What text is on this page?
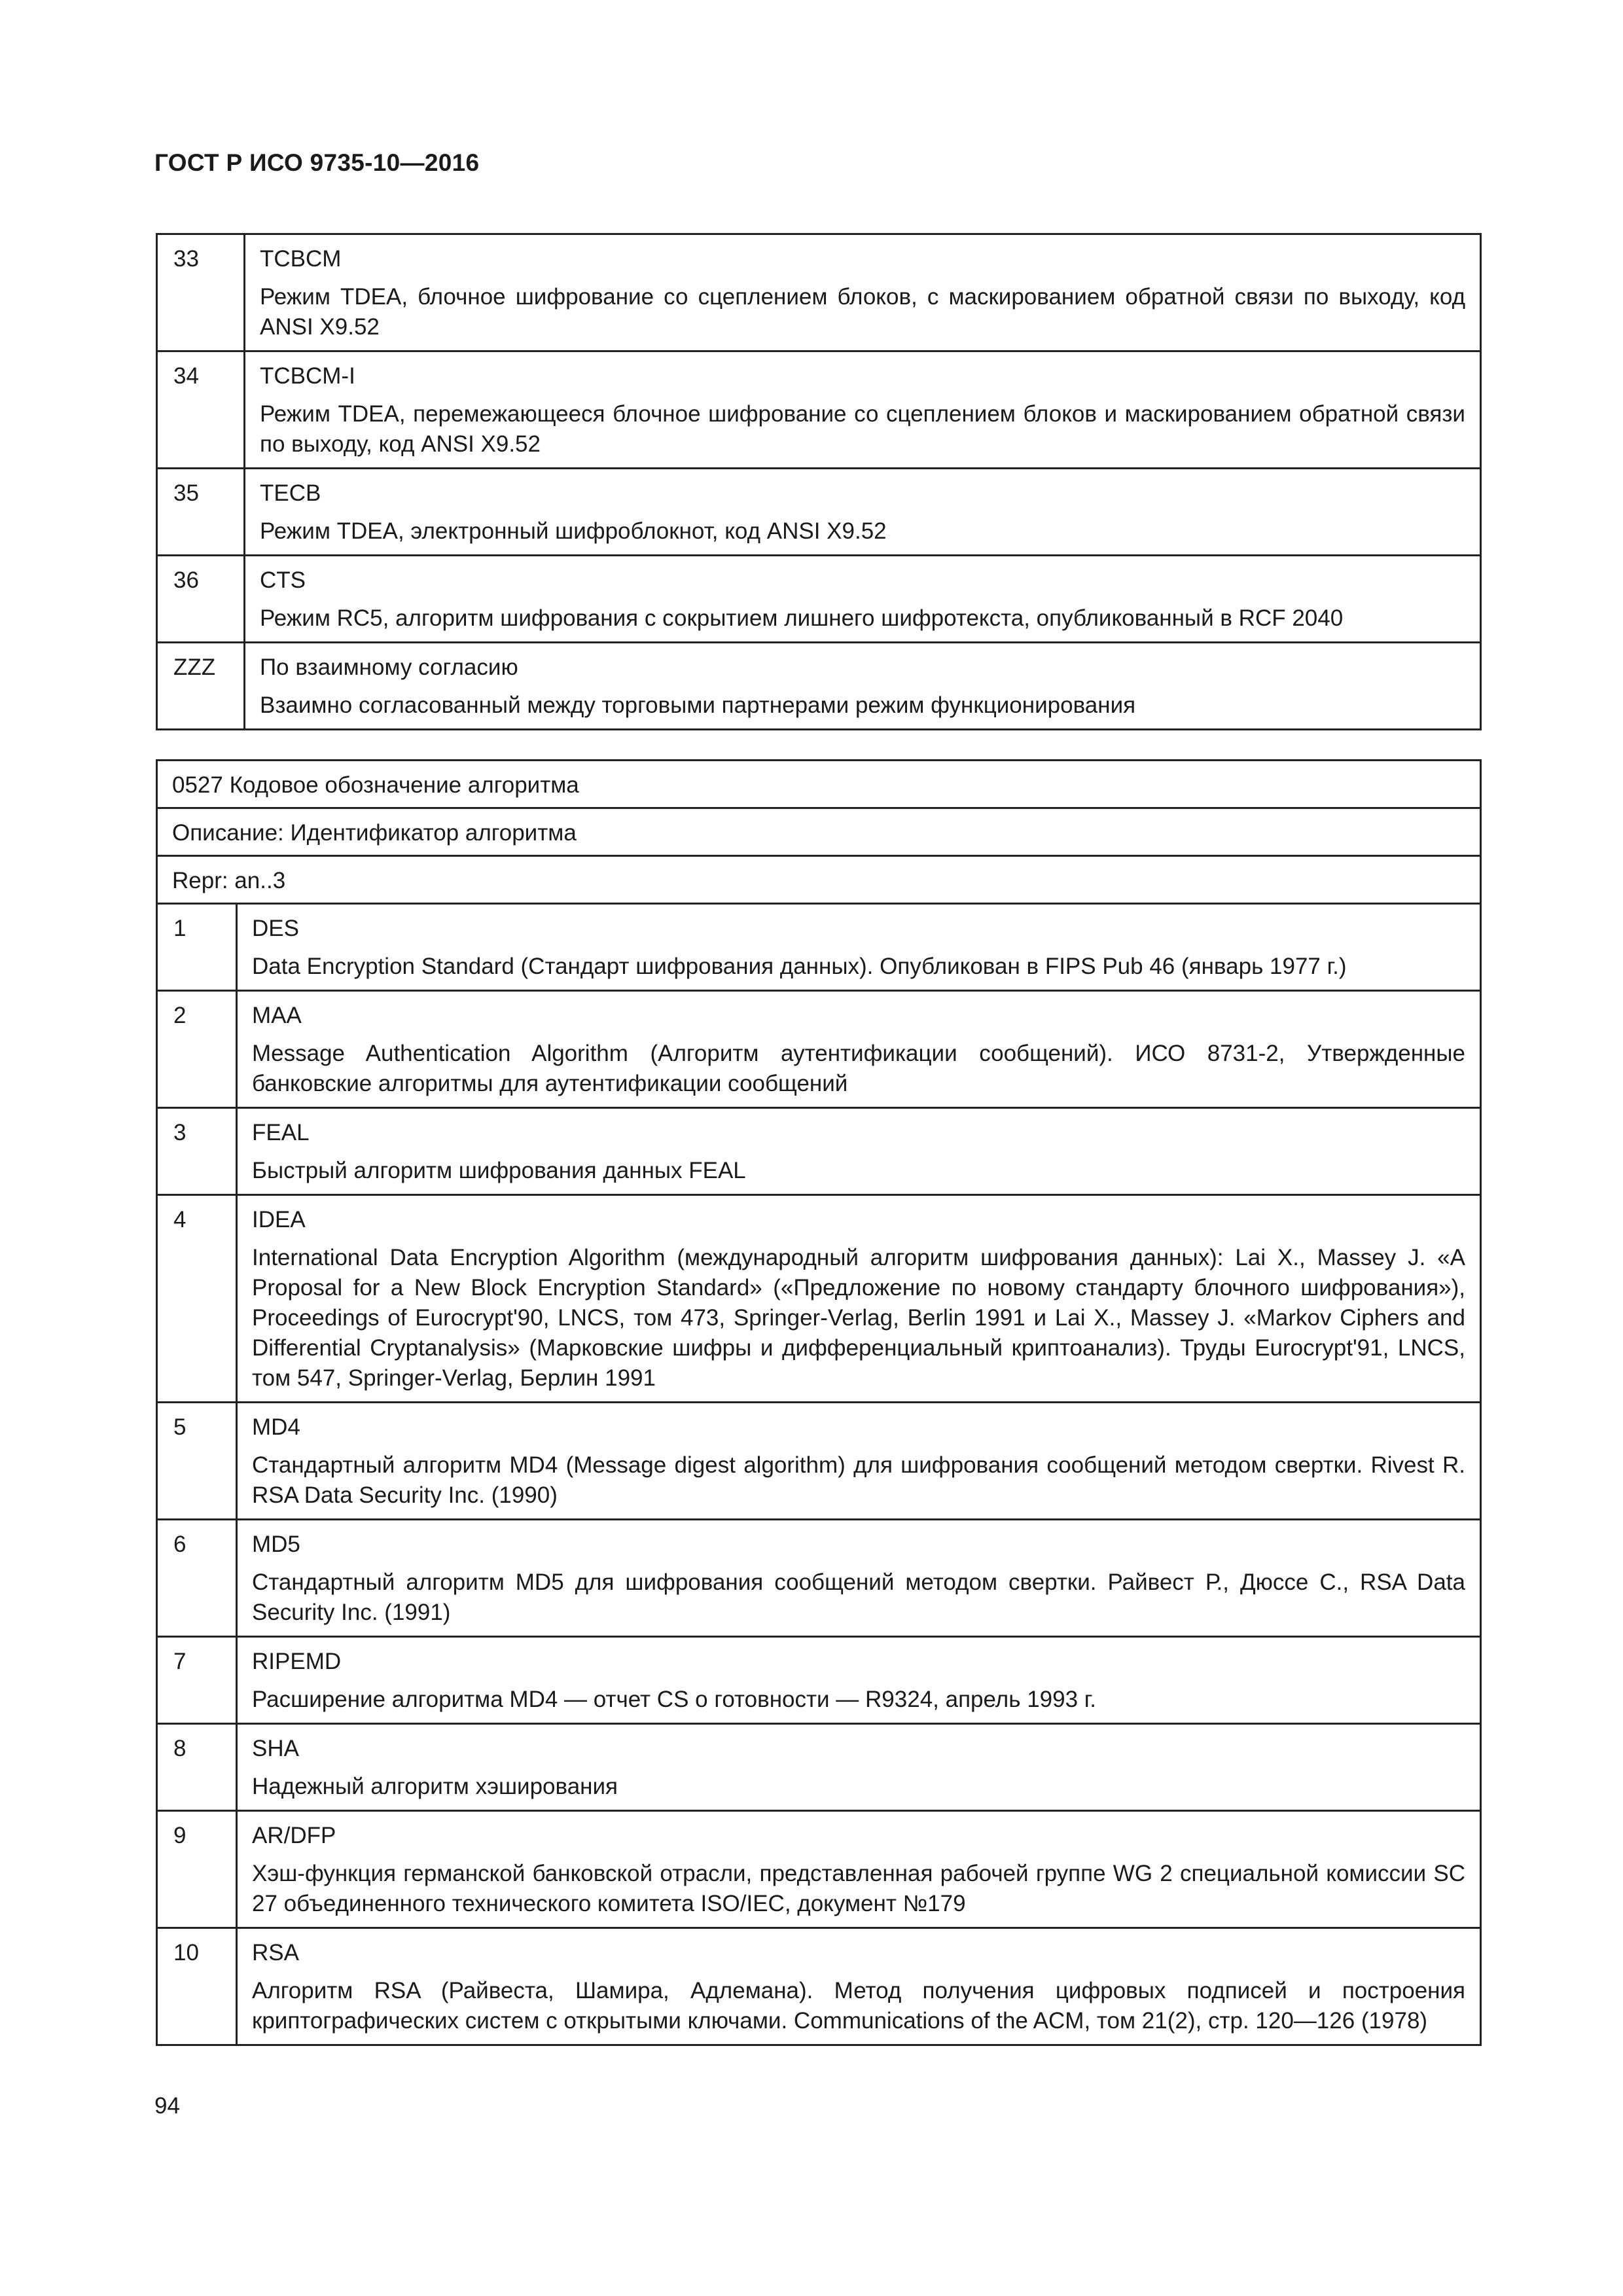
ГОСТ Р ИСО 9735-10—2016
33	TCBCM
Режим TDEA, блочное шифрование со сцеплением блоков, с маскированием обратной связи по выходу, код ANSI X9.52

34	TCBCM-I
Режим TDEA, перемежающееся блочное шифрование со сцеплением блоков и маскированием обратной связи по выходу, код ANSI X9.52

35	TECB
Режим TDEA, электронный шифроблокнот, код ANSI X9.52

36	CTS
Режим RC5, алгоритм шифрования с сокрытием лишнего шифротекста, опубликованный в RCF 2040

ZZZ	По взаимному согласию
Взаимно согласованный между торговыми партнерами режим функционирования
0527 Кодовое обозначение алгоритма	
Описание: Идентификатор алгоритма	
Repr: an..3	
1	DES
Data Encryption Standard (Стандарт шифрования данных). Опубликован в FIPS Pub 46 (январь 1977 г.)

2	MAA
Message Authentication Algorithm (Алгоритм аутентификации сообщений). ИСО 8731-2, Утвержденные банковские алгоритмы для аутентификации сообщений

3	FEAL
Быстрый алгоритм шифрования данных FEAL

4	IDEA
International Data Encryption Algorithm (международный алгоритм шифрования данных): Lai X., Massey J. «A Proposal for a New Block Encryption Standard» («Предложение по новому стандарту блочного шифрования»), Proceedings of Eurocrypt'90, LNCS, том 473, Springer-Verlag, Berlin 1991 и Lai X., Massey J. «Markov Ciphers and Differential Cryptanalysis» (Марковские шифры и дифференциальный криптоанализ). Труды Eurocrypt'91, LNCS, том 547, Springer-Verlag, Берлин 1991

5	MD4
Стандартный алгоритм MD4 (Message digest algorithm) для шифрования сообщений методом свертки. Rivest R. RSA Data Security Inc. (1990)

6	MD5
Стандартный алгоритм MD5 для шифрования сообщений методом свертки. Райвест Р., Дюссе С., RSA Data Security Inc. (1991)

7	RIPEMD
Расширение алгоритма MD4 — отчет CS о готовности — R9324, апрель 1993 г.

8	SHA
Надежный алгоритм хэширования

9	AR/DFP
Хэш-функция германской банковской отрасли, представленная рабочей группе WG 2 специальной комиссии SC 27 объединенного технического комитета ISO/IEC, документ №179

10	RSA
Алгоритм RSA (Райвеста, Шамира, Адлемана). Метод получения цифровых подписей и построения криптографических систем с открытыми ключами. Communications of the ACM, том 21(2), стр. 120—126 (1978)
94
